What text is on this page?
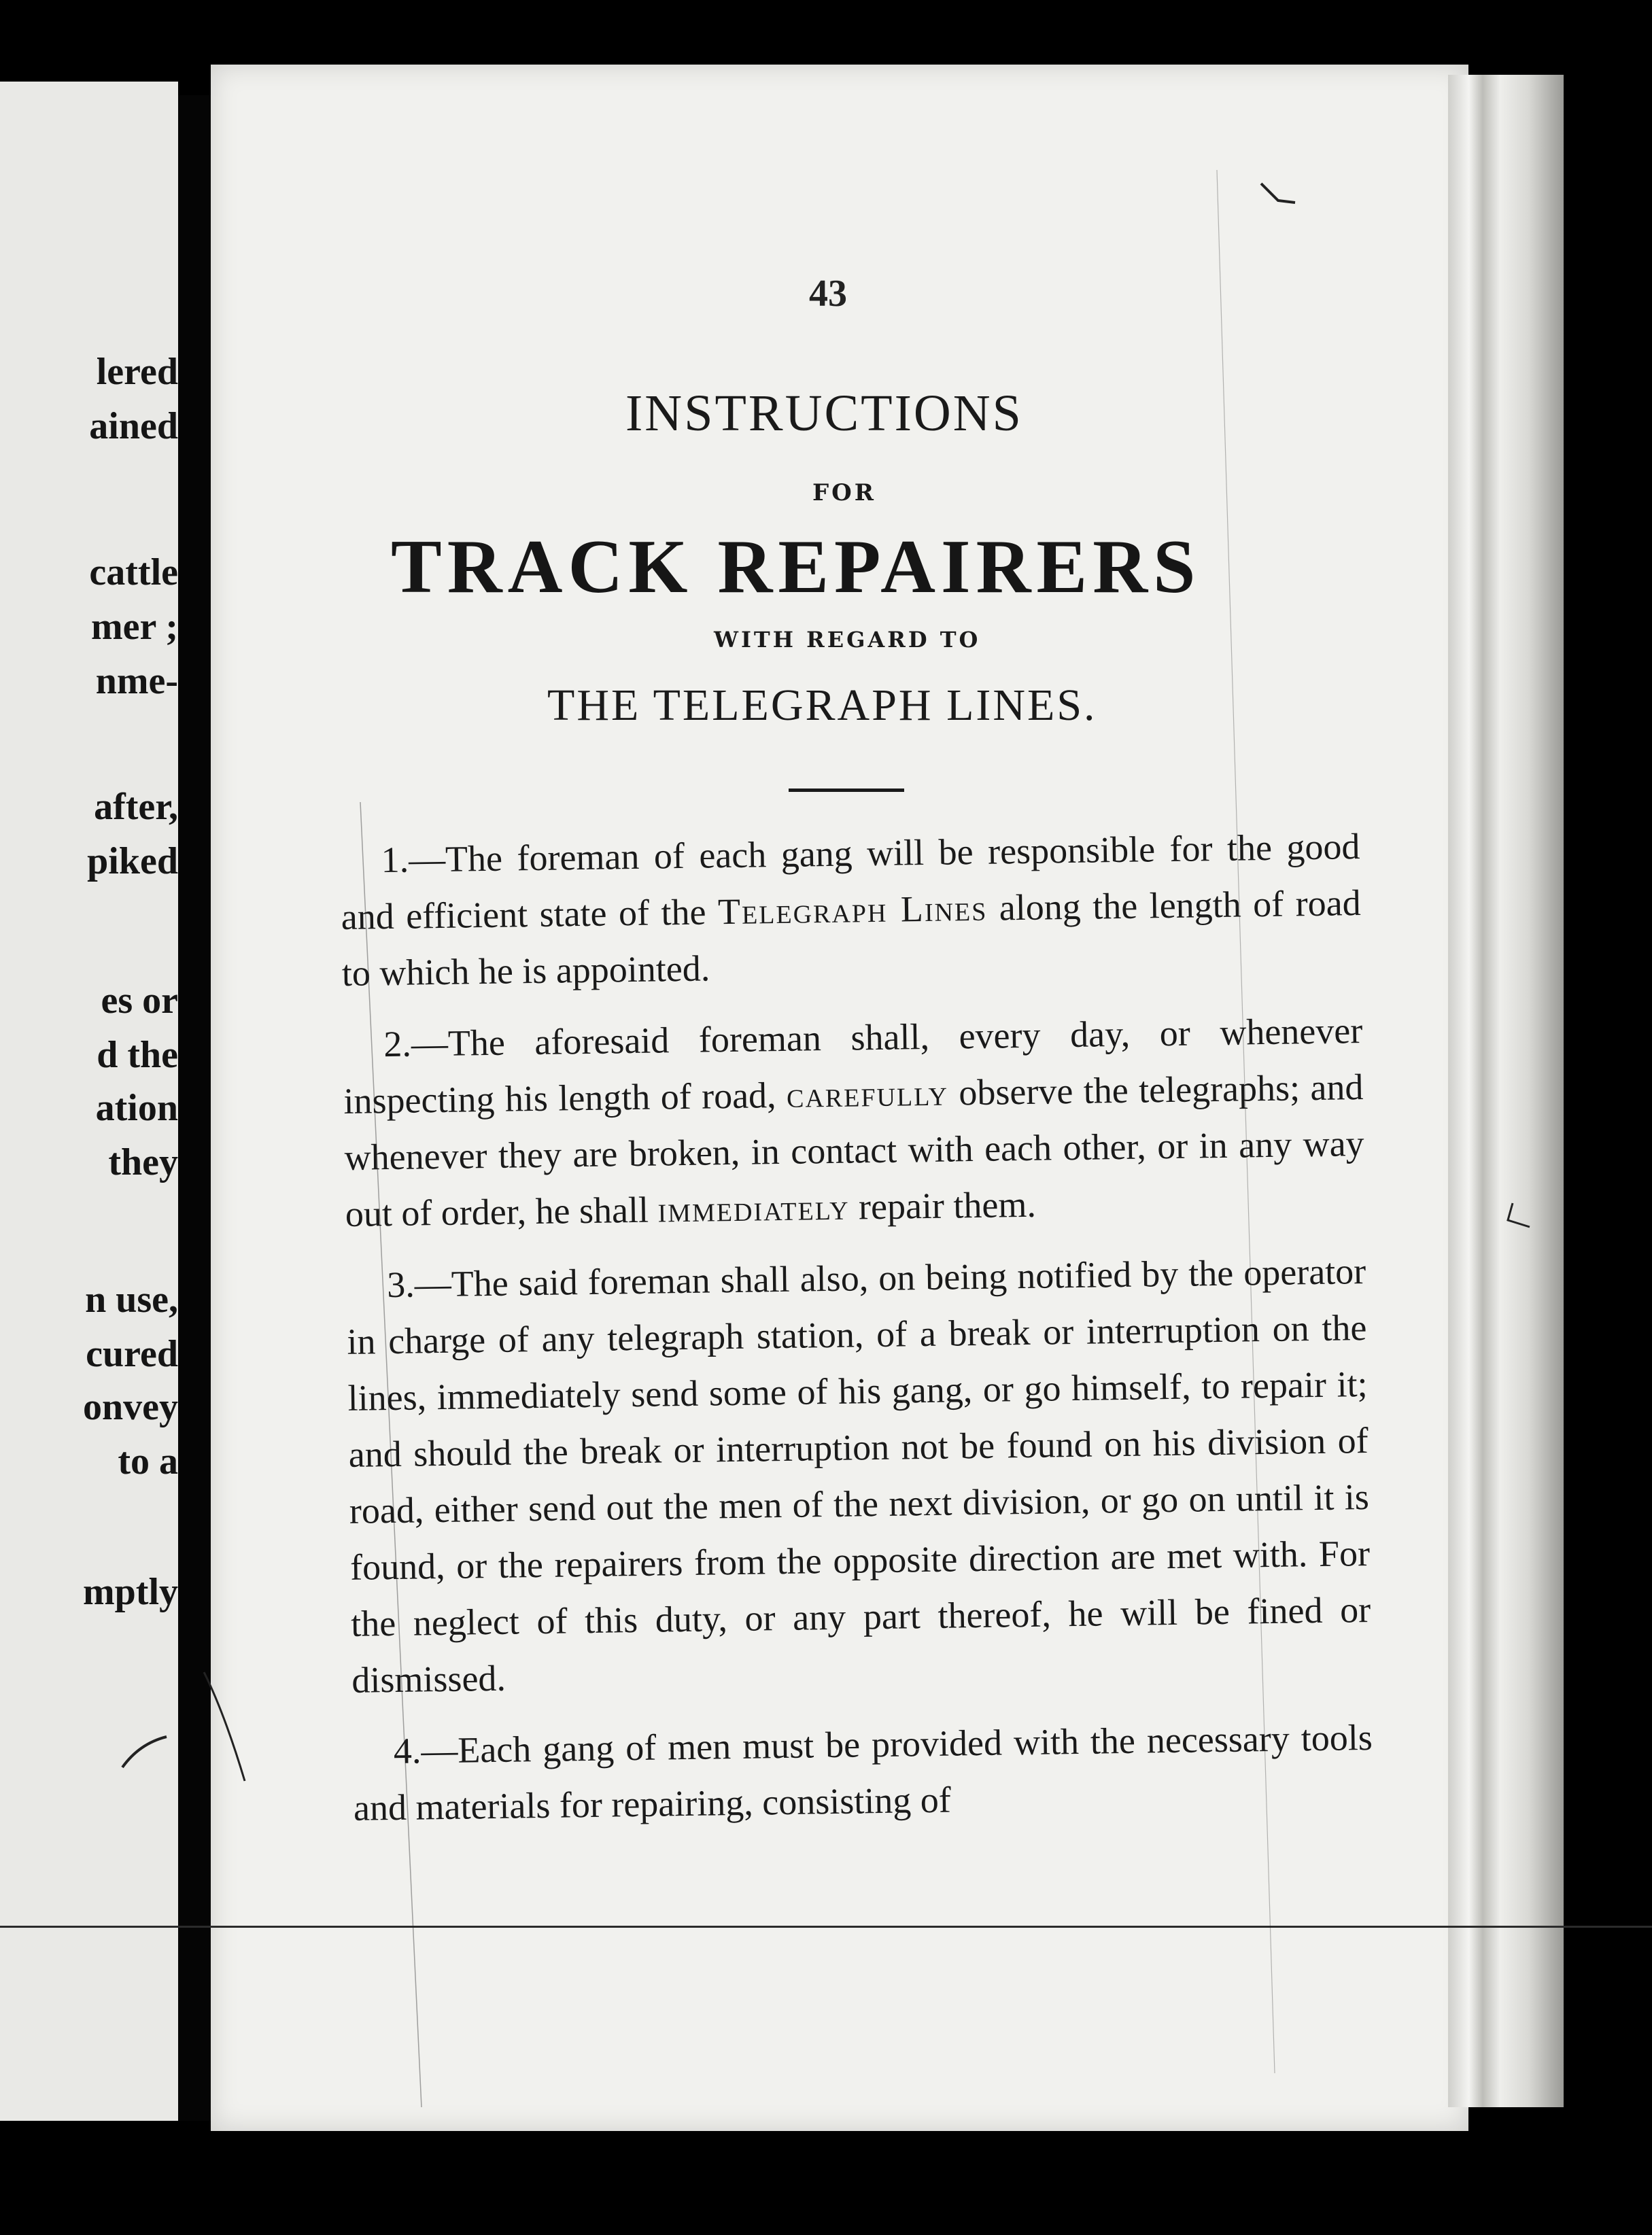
lered
ained
cattle
mer ;
nme-
after,
piked
es or
d the
ation
they
n use,
cured
onvey
to a
mptly
43
INSTRUCTIONS
FOR
TRACK REPAIRERS
WITH REGARD TO
THE TELEGRAPH LINES.

1.—The foreman of each gang will be responsible for the good and efficient state of the Telegraph Lines along the length of road to which he is appointed.

2.—The aforesaid foreman shall, every day, or whenever inspecting his length of road, carefully observe the telegraphs; and whenever they are broken, in contact with each other, or in any way out of order, he shall immediately repair them.

3.—The said foreman shall also, on being notified by the operator in charge of any telegraph station, of a break or interruption on the lines, immediately send some of his gang, or go himself, to repair it; and should the break or interruption not be found on his division of road, either send out the men of the next division, or go on until it is found, or the repairers from the opposite direction are met with. For the neglect of this duty, or any part thereof, he will be fined or dismissed.

4.—Each gang of men must be provided with the necessary tools and materials for repairing, consisting of
